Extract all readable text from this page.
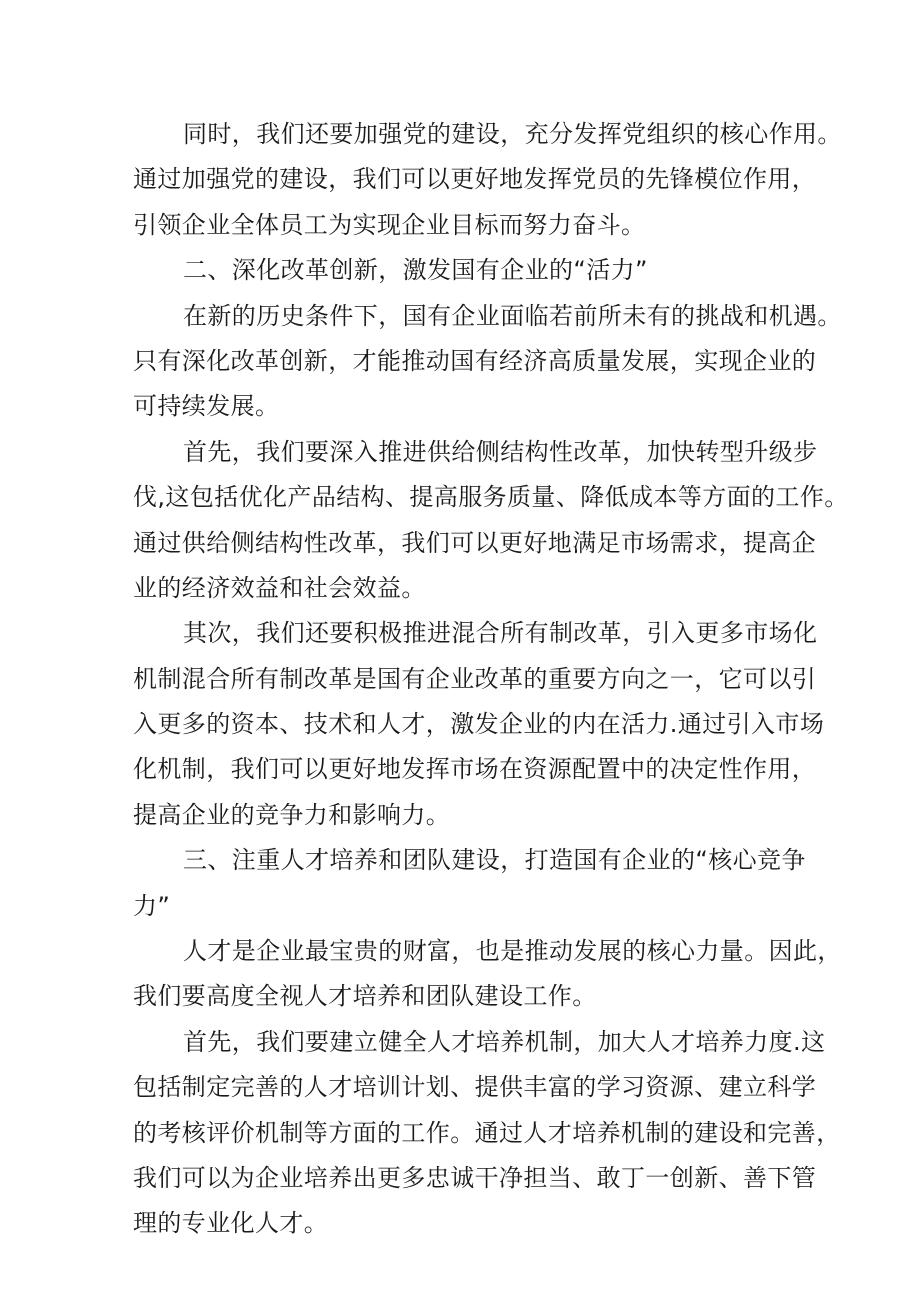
同时，我们还要加强党的建设，充分发挥党组织的核心作用。
通过加强党的建设，我们可以更好地发挥党员的先锋模位作用，
引领企业全体员工为实现企业目标而努力奋斗。
二、深化改革创新，激发国有企业的“活力”
在新的历史条件下，国有企业面临若前所未有的挑战和机遇。
只有深化改革创新，才能推动国有经济高质量发展，实现企业的
可持续发展。
首先，我们要深入推进供给侧结构性改革，加快转型升级步
伐,这包括优化产品结构、提高服务质量、降低成本等方面的工作。
通过供给侧结构性改革，我们可以更好地满足市场需求，提高企
业的经济效益和社会效益。
其次，我们还要积极推进混合所有制改革，引入更多市场化
机制混合所有制改革是国有企业改革的重要方向之一，它可以引
入更多的资本、技术和人才，激发企业的内在活力.通过引入市场
化机制，我们可以更好地发挥市场在资源配置中的决定性作用，
提高企业的竞争力和影响力。
三、注重人才培养和团队建设，打造国有企业的“核心竞争
力”
人才是企业最宝贵的财富，也是推动发展的核心力量。因此，
我们要高度全视人才培养和团队建设工作。
首先，我们要建立健全人才培养机制，加大人才培养力度.这
包括制定完善的人才培训计划、提供丰富的学习资源、建立科学
的考核评价机制等方面的工作。通过人才培养机制的建设和完善，
我们可以为企业培养出更多忠诚干净担当、敢丁一创新、善下管
理的专业化人才。
